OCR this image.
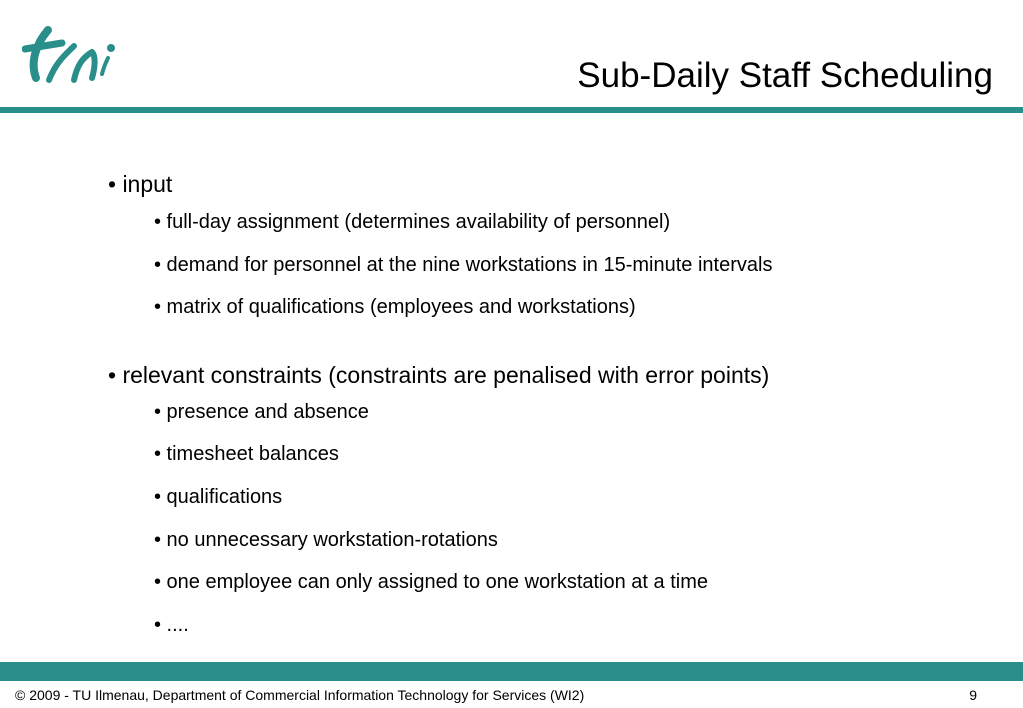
Sub-Daily Staff Scheduling
• input
• full-day assignment (determines availability of personnel)
• demand for personnel at the nine workstations in 15-minute intervals
• matrix of qualifications (employees and workstations)
• relevant constraints (constraints are penalised with error points)
• presence and absence
• timesheet balances
• qualifications
• no unnecessary workstation-rotations
• one employee can only assigned to one workstation at a time
• ....
© 2009 - TU Ilmenau, Department of Commercial Information Technology for Services (WI2)	9
